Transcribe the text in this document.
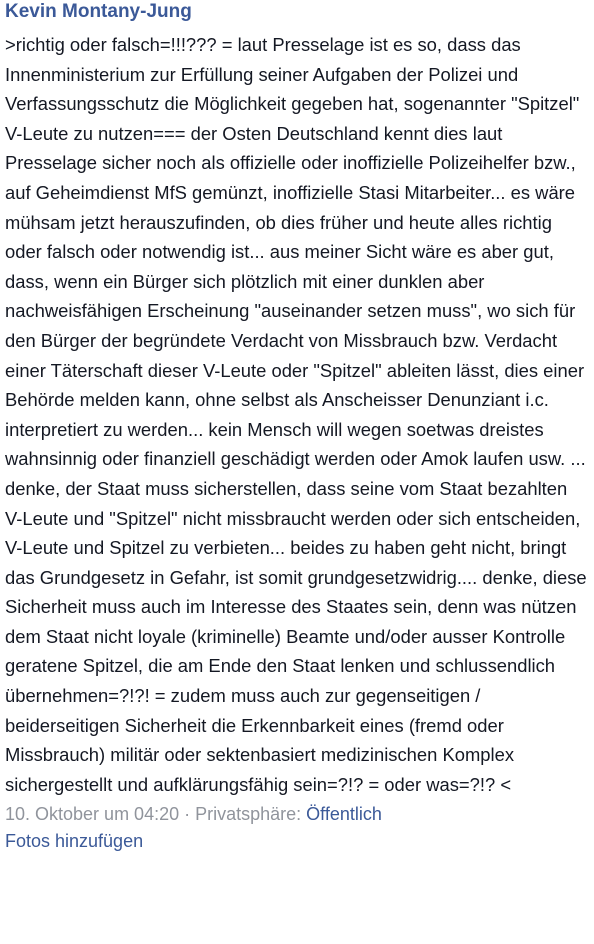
Kevin Montany-Jung
>richtig oder falsch=!!!??? = laut Presselage ist es so, dass das Innenministerium zur Erfüllung seiner Aufgaben der Polizei und Verfassungsschutz die Möglichkeit gegeben hat, sogenannter "Spitzel" V-Leute zu nutzen=== der Osten Deutschland kennt dies laut Presselage sicher noch als offizielle oder inoffizielle Polizeihelfer bzw., auf Geheimdienst MfS gemünzt, inoffizielle Stasi Mitarbeiter... es wäre mühsam jetzt herauszufinden, ob dies früher und heute alles richtig oder falsch oder notwendig ist... aus meiner Sicht wäre es aber gut, dass, wenn ein Bürger sich plötzlich mit einer dunklen aber nachweisfähigen Erscheinung "auseinander setzen muss", wo sich für den Bürger der begründete Verdacht von Missbrauch bzw. Verdacht einer Täterschaft dieser V-Leute oder "Spitzel" ableiten lässt, dies einer Behörde melden kann, ohne selbst als Anscheisser Denunziant i.c. interpretiert zu werden... kein Mensch will wegen soetwas dreistes wahnsinnig oder finanziell geschädigt werden oder Amok laufen usw. ... denke, der Staat muss sicherstellen, dass seine vom Staat bezahlten V-Leute und "Spitzel" nicht missbraucht werden oder sich entscheiden, V-Leute und Spitzel zu verbieten... beides zu haben geht nicht, bringt das Grundgesetz in Gefahr, ist somit grundgesetzwidrig.... denke, diese Sicherheit muss auch im Interesse des Staates sein, denn was nützen dem Staat nicht loyale (kriminelle) Beamte und/oder ausser Kontrolle geratene Spitzel, die am Ende den Staat lenken und schlussendlich übernehmen=?!?! = zudem muss auch zur gegenseitigen / beiderseitigen Sicherheit die Erkennbarkeit eines (fremd oder Missbrauch) militär oder sektenbasiert medizinischen Komplex sichergestellt und aufklärungsfähig sein=?!? = oder was=?!? <
10. Oktober um 04:20 · Privatsphäre: Öffentlich
Fotos hinzufügen
